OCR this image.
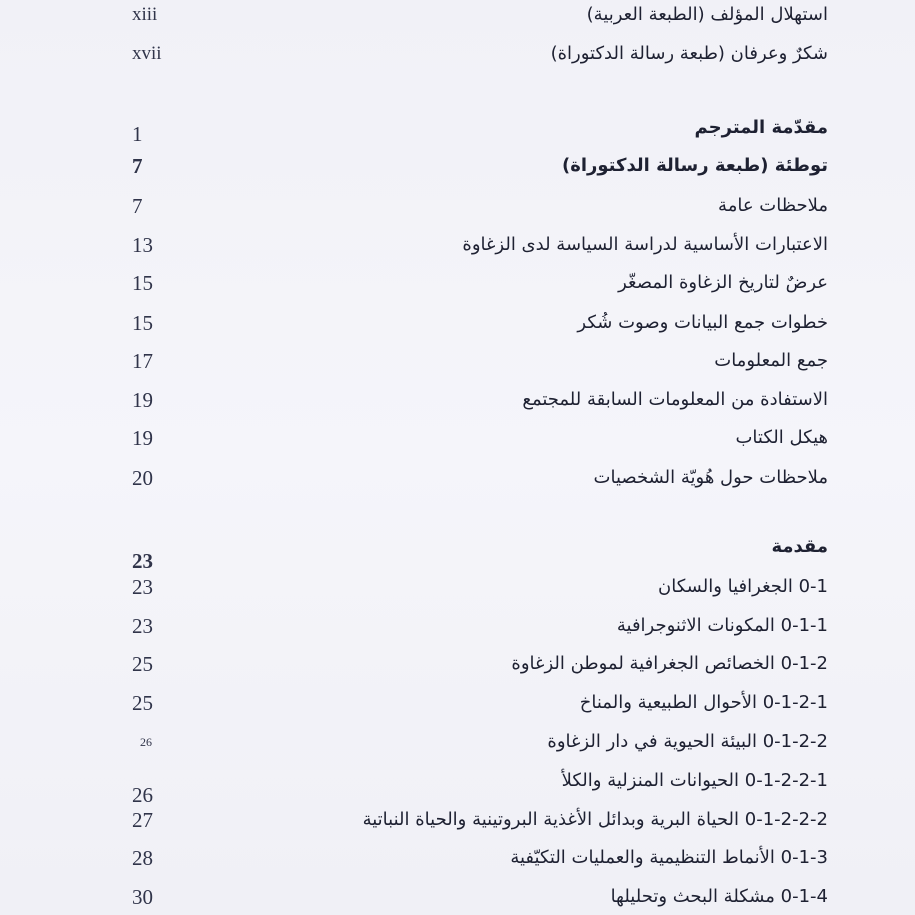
استهلال المؤلف (الطبعة العربية)
xiii
شكرٌ وعرفان (طبعة رسالة الدكتوراة)
xvii
مقدّمة المترجم
1
توطئة (طبعة رسالة الدكتوراة)
7
ملاحظات عامة
7
الاعتبارات الأساسية لدراسة السياسة لدى الزغاوة
13
عرضٌ لتاريخ الزغاوة المصغّر
15
خطوات جمع البيانات وصوت شُكر
15
جمع المعلومات
17
الاستفادة من المعلومات السابقة للمجتمع
19
هيكل الكتاب
19
ملاحظات حول هُويّة الشخصيات
20
مقدمة
23
0-1 الجغرافيا والسكان
23
0-1-1 المكونات الاثنوجرافية
23
0-1-2 الخصائص الجغرافية لموطن الزغاوة
25
0-1-2-1 الأحوال الطبيعية والمناخ
25
0-1-2-2 البيئة الحيوية في دار الزغاوة
26
0-1-2-2-1 الحيوانات المنزلية والكلأ
26
0-1-2-2-2 الحياة البرية وبدائل الأغذية البروتينية والحياة النباتية
27
0-1-3 الأنماط التنظيمية والعمليات التكيّفية
28
0-1-4 مشكلة البحث وتحليلها
30
